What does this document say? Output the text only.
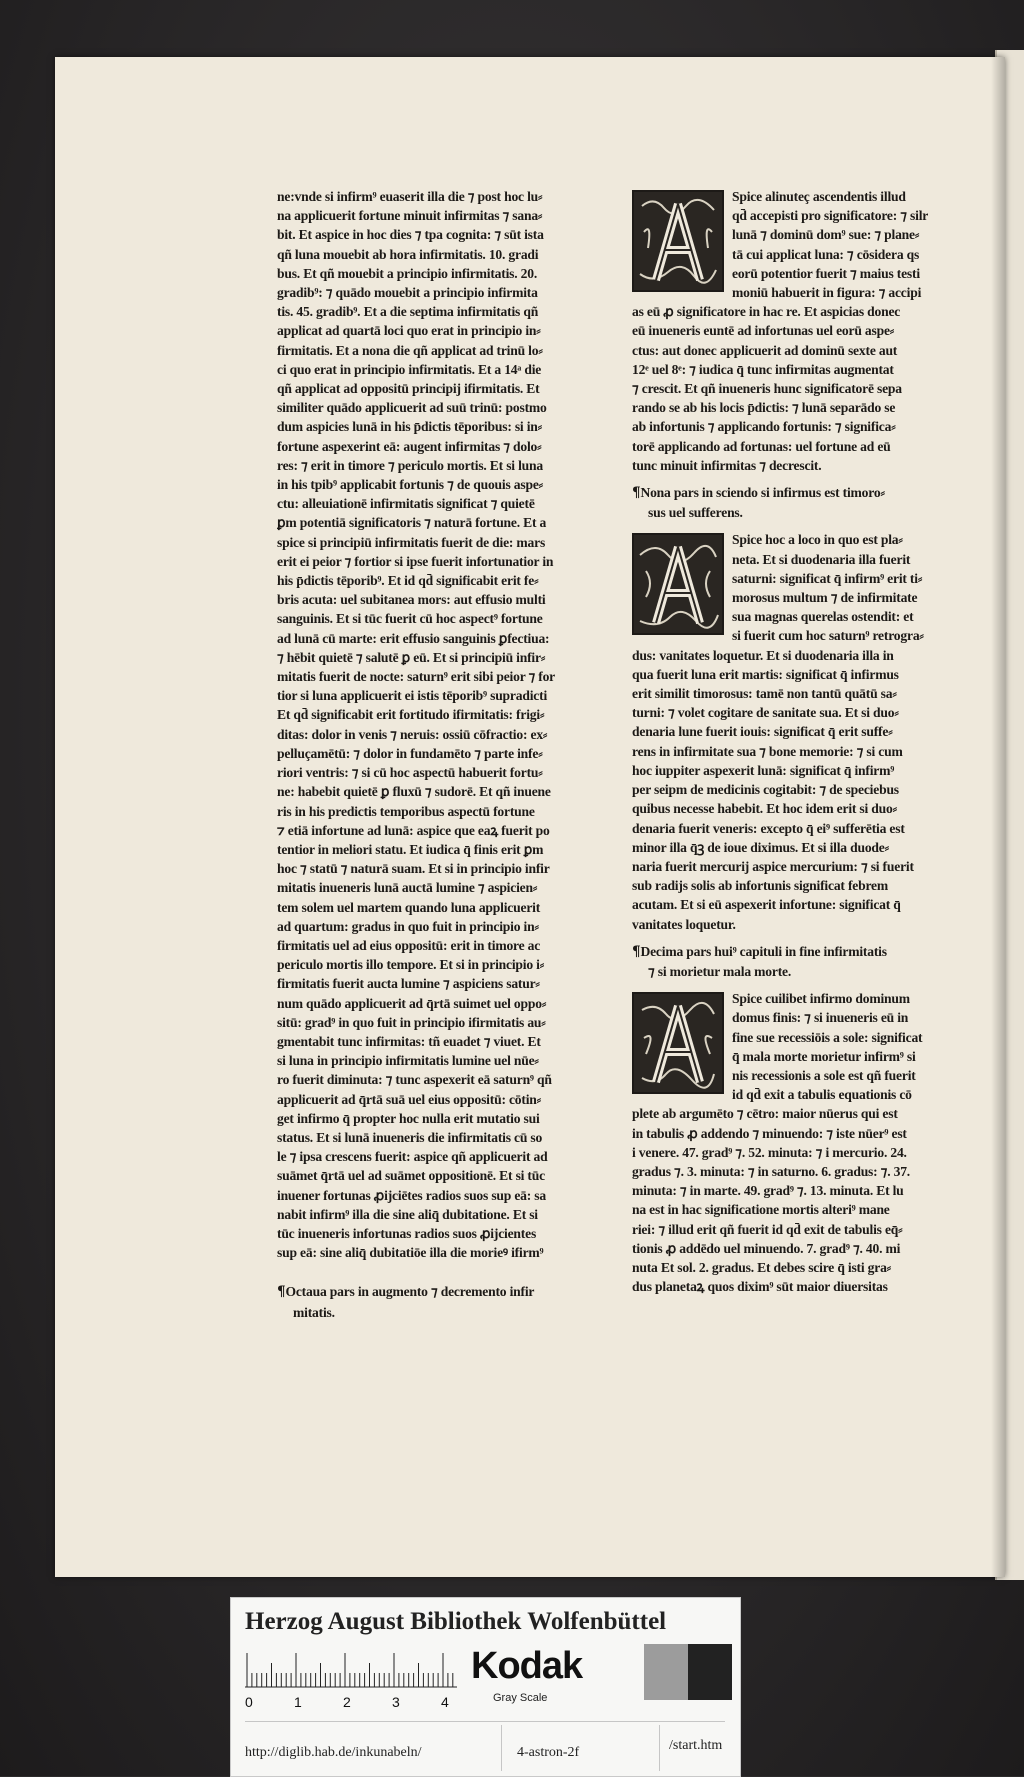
ne:vnde si infirm⁹ euaserit illa die ⁊ post hoc lu⸗
na applicuerit fortune minuit infirmitas ⁊ sana⸗
bit. Et aspice in hoc dies ⁊ tpa cognita: ⁊ sūt ista
qñ luna mouebit ab hora infirmitatis. 10. gradi
bus. Et qñ mouebit a principio infirmitatis. 20.
gradib⁹: ⁊ quādo mouebit a principio infirmita
tis. 45. gradib⁹. Et a die septima infirmitatis qñ
applicat ad quartā loci quo erat in principio in⸗
firmitatis. Et a nona die qñ applicat ad trinū lo⸗
ci quo erat in principio infirmitatis. Et a 14ᵃ die
qñ applicat ad oppositū principij ifirmitatis. Et
similiter quādo applicuerit ad suū trinū: postmo
dum aspicies lunā in his p̄dictis tēporibus: si in⸗
fortune aspexerint eā: augent infirmitas ⁊ dolo⸗
res: ⁊ erit in timore ⁊ periculo mortis. Et si luna
in his tpib⁹ applicabit fortunis ⁊ de quouis aspe⸗
ctu: alleuiationē infirmitatis significat ⁊ quietē
ꝑm potentiā significatoris ⁊ naturā fortune. Et a
spice si principiū infirmitatis fuerit de die: mars
erit ei peior ⁊ fortior si ipse fuerit infortunatior in
his p̄dictis tēporib⁹. Et id qd̄ significabit erit fe⸗
bris acuta: uel subitanea mors: aut effusio multi
sanguinis. Et si tūc fuerit cū hoc aspect⁹ fortune
ad lunā cū marte: erit effusio sanguinis ꝑfectiua:
⁊ hēbit quietē ⁊ salutē ꝑ eū. Et si principiū infir⸗
mitatis fuerit de nocte: saturn⁹ erit sibi peior ⁊ for
tior si luna applicuerit ei istis tēporib⁹ supradicti
Et qd̄ significabit erit fortitudo ifirmitatis: frigi⸗
ditas: dolor in venis ⁊ neruis: ossiū cōfractio: ex⸗
pelluçamētū: ⁊ dolor in fundamēto ⁊ parte infe⸗
riori ventris: ⁊ si cū hoc aspectū habuerit fortu⸗
ne: habebit quietē ꝑ fluxū ⁊ sudorē. Et qñ inuene
ris in his predictis temporibus aspectū fortune
⁊ etiā infortune ad lunā: aspice que eaꝝ fuerit po
tentior in meliori statu. Et iudica q̄ finis erit ꝑm
hoc ⁊ statū ⁊ naturā suam. Et si in principio infir
mitatis inueneris lunā auctā lumine ⁊ aspicien⸗
tem solem uel martem quando luna applicuerit
ad quartum: gradus in quo fuit in principio in⸗
firmitatis uel ad eius oppositū: erit in timore ac
periculo mortis illo tempore. Et si in principio i⸗
firmitatis fuerit aucta lumine ⁊ aspiciens satur⸗
num quādo applicuerit ad q̄rtā suimet uel oppo⸗
sitū: grad⁹ in quo fuit in principio ifirmitatis au⸗
gmentabit tunc infirmitas: tñ euadet ⁊ viuet. Et
si luna in principio infirmitatis lumine uel nūe⸗
ro fuerit diminuta: ⁊ tunc aspexerit eā saturn⁹ qñ
applicuerit ad q̄rtā suā uel eius oppositū: cōtin⸗
get infirmo q̄ propter hoc nulla erit mutatio sui
status. Et si lunā inueneris die infirmitatis cū so
le ⁊ ipsa crescens fuerit: aspice qñ applicuerit ad
suāmet q̄rtā uel ad suāmet oppositionē. Et si tūc
inuener fortunas ꝓijciētes radios suos sup eā: sa
nabit infirm⁹ illa die sine aliq̄ dubitatione. Et si
tūc inueneris infortunas radios suos ꝓijcientes
sup eā: sine aliq̄ dubitatiōe illa die morieꝰ ifirm⁹
¶Octaua pars in augmento ⁊ decremento infir
mitatis.
Spice alinuteç ascendentis illud
qd̄ accepisti pro significatore: ⁊ silr
lunā ⁊ dominū dom⁹ sue: ⁊ plane⸗
tā cui applicat luna: ⁊ cōsidera qs
eorū potentior fuerit ⁊ maius testi
moniū habuerit in figura: ⁊ accipi
as eū ꝓ significatore in hac re. Et aspicias donec
eū inueneris euntē ad infortunas uel eorū aspe⸗
ctus: aut donec applicuerit ad dominū sexte aut
12ᵉ uel 8ᵉ: ⁊ iudica q̄ tunc infirmitas augmentat
⁊ crescit. Et qñ inueneris hunc significatorē sepa
rando se ab his locis p̄dictis: ⁊ lunā separādo se
ab infortunis ⁊ applicando fortunis: ⁊ significa⸗
torē applicando ad fortunas: uel fortune ad eū
tunc minuit infirmitas ⁊ decrescit.
¶Nona pars in sciendo si infirmus est timoro⸗
sus uel sufferens.
Spice hoc a loco in quo est pla⸗
neta. Et si duodenaria illa fuerit
saturni: significat q̄ infirm⁹ erit ti⸗
morosus multum ⁊ de infirmitate
sua magnas querelas ostendit: et
si fuerit cum hoc saturn⁹ retrogra⸗
dus: vanitates loquetur. Et si duodenaria illa in
qua fuerit luna erit martis: significat q̄ infirmus
erit similit timorosus: tamē non tantū quātū sa⸗
turni: ⁊ volet cogitare de sanitate sua. Et si duo⸗
denaria lune fuerit iouis: significat q̄ erit suffe⸗
rens in infirmitate sua ⁊ bone memorie: ⁊ si cum
hoc iuppiter aspexerit lunā: significat q̄ infirm⁹
per seipm de medicinis cogitabit: ⁊ de speciebus
quibus necesse habebit. Et hoc idem erit si duo⸗
denaria fuerit veneris: excepto q̄ ei⁹ sufferētia est
minor illa q̄ꝫ de ioue diximus. Et si illa duode⸗
naria fuerit mercurij aspice mercurium: ⁊ si fuerit
sub radijs solis ab infortunis significat febrem
acutam. Et si eū aspexerit infortune: significat q̄
vanitates loquetur.
¶Decima pars hui⁹ capituli in fine infirmitatis
⁊ si morietur mala morte.
Spice cuilibet infirmo dominum
domus finis: ⁊ si inueneris eū in
fine sue recessiōis a sole: significat
q̄ mala morte morietur infirm⁹ si
nis recessionis a sole est qñ fuerit
id qd̄ exit a tabulis equationis cō
plete ab argumēto ⁊ cētro: maior nūerus qui est
in tabulis ꝓ addendo ⁊ minuendo: ⁊ iste nūer⁹ est
i venere. 47. grad⁹ ⁊. 52. minuta: ⁊ i mercurio. 24.
gradus ⁊. 3. minuta: ⁊ in saturno. 6. gradus: ⁊. 37.
minuta: ⁊ in marte. 49. grad⁹ ⁊. 13. minuta. Et lu
na est in hac significatione mortis alteri⁹ mane
riei: ⁊ illud erit qñ fuerit id qd̄ exit de tabulis eq̄⸗
tionis ꝓ addēdo uel minuendo. 7. grad⁹ ⁊. 40. mi
nuta Et sol. 2. gradus. Et debes scire q̄ isti gra⸗
dus planetaꝝ quos dixim⁹ sūt maior diuersitas
Herzog August Bibliothek Wolfenbüttel
0	1	2	3	4
Kodak
Gray Scale
http://diglib.hab.de/inkunabeln/	4-astron-2f	/start.htm
